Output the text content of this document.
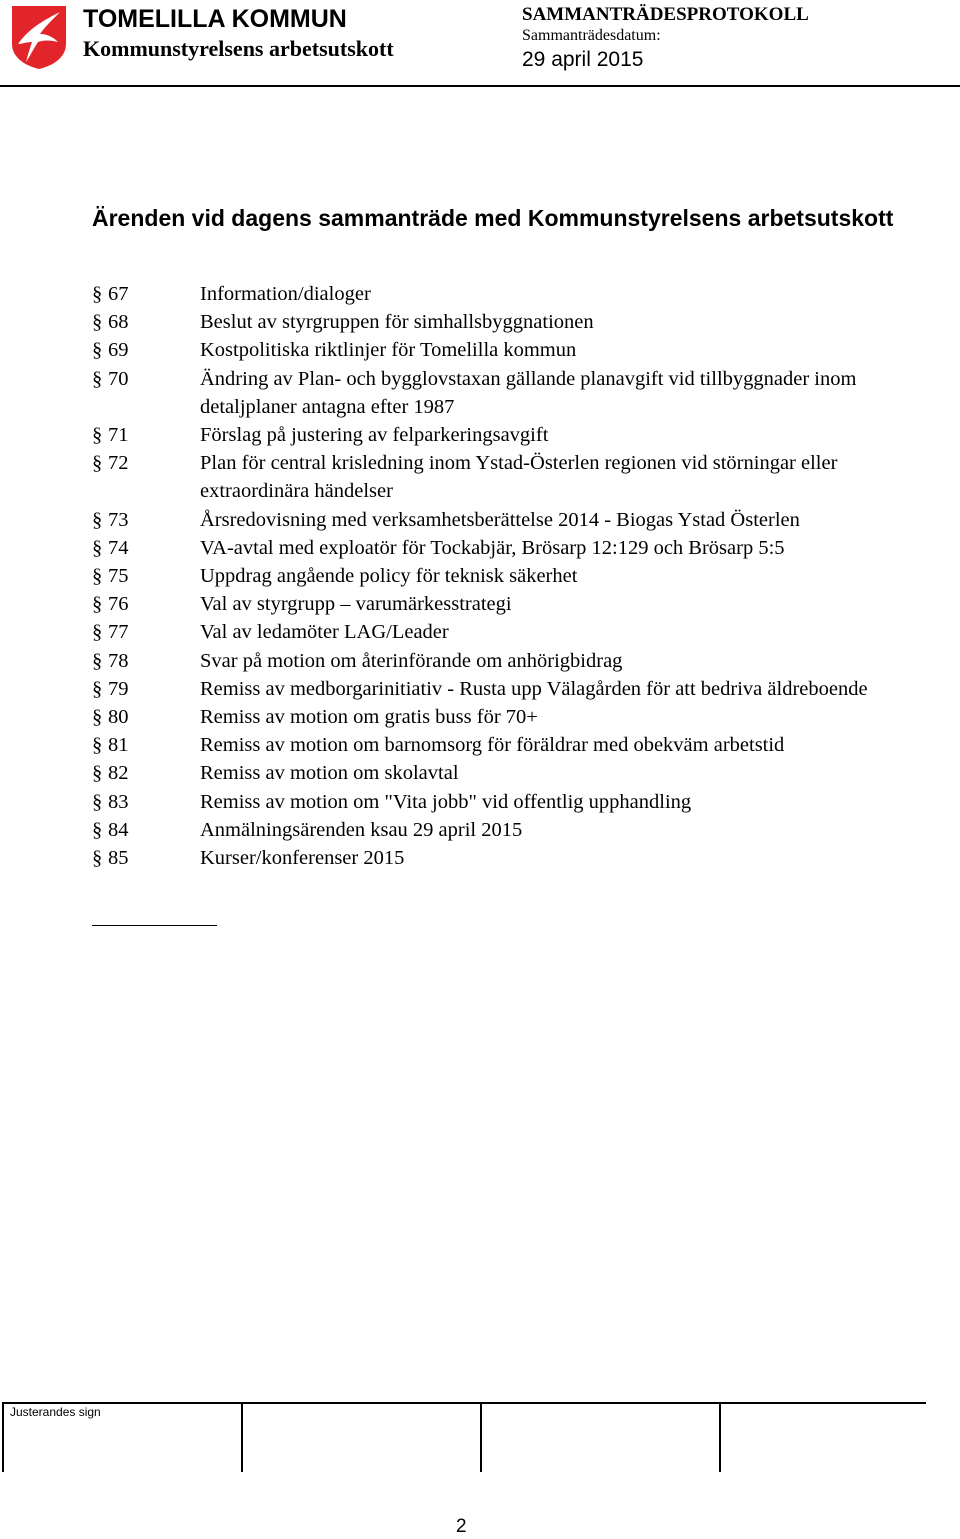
TOMELILLA KOMMUN
Kommunstyrelsens arbetsutskott
SAMMANTRÄDESPROTOKOLL
Sammanträdesdatum:
29 april 2015
Ärenden vid dagens sammanträde med Kommunstyrelsens arbetsutskott
§ 67	Information/dialoger
§ 68	Beslut av styrgruppen för simhallsbyggnationen
§ 69	Kostpolitiska riktlinjer för Tomelilla kommun
§ 70	Ändring av Plan- och bygglovstaxan gällande planavgift vid tillbyggnader inom detaljplaner antagna efter 1987
§ 71	Förslag på justering av felparkeringsavgift
§ 72	Plan för central krisledning inom Ystad-Österlen regionen vid störningar eller extraordinära händelser
§ 73	Årsredovisning med verksamhetsberättelse 2014 - Biogas Ystad Österlen
§ 74	VA-avtal med exploatör för Tockabjär, Brösarp 12:129 och Brösarp 5:5
§ 75	Uppdrag angående policy för teknisk säkerhet
§ 76	Val av styrgrupp – varumärkesstrategi
§ 77	Val av ledamöter LAG/Leader
§ 78	Svar på motion om återinförande om anhörigbidrag
§ 79	Remiss av medborgarinitiativ - Rusta upp Välagården för att bedriva äldreboende
§ 80	Remiss av motion om gratis buss för 70+
§ 81	Remiss av motion om barnomsorg för föräldrar med obekväm arbetstid
§ 82	Remiss av motion om skolavtal
§ 83	Remiss av motion om "Vita jobb" vid offentlig upphandling
§ 84	Anmälningsärenden ksau 29 april 2015
§ 85	Kurser/konferenser 2015
Justerandes sign
2
